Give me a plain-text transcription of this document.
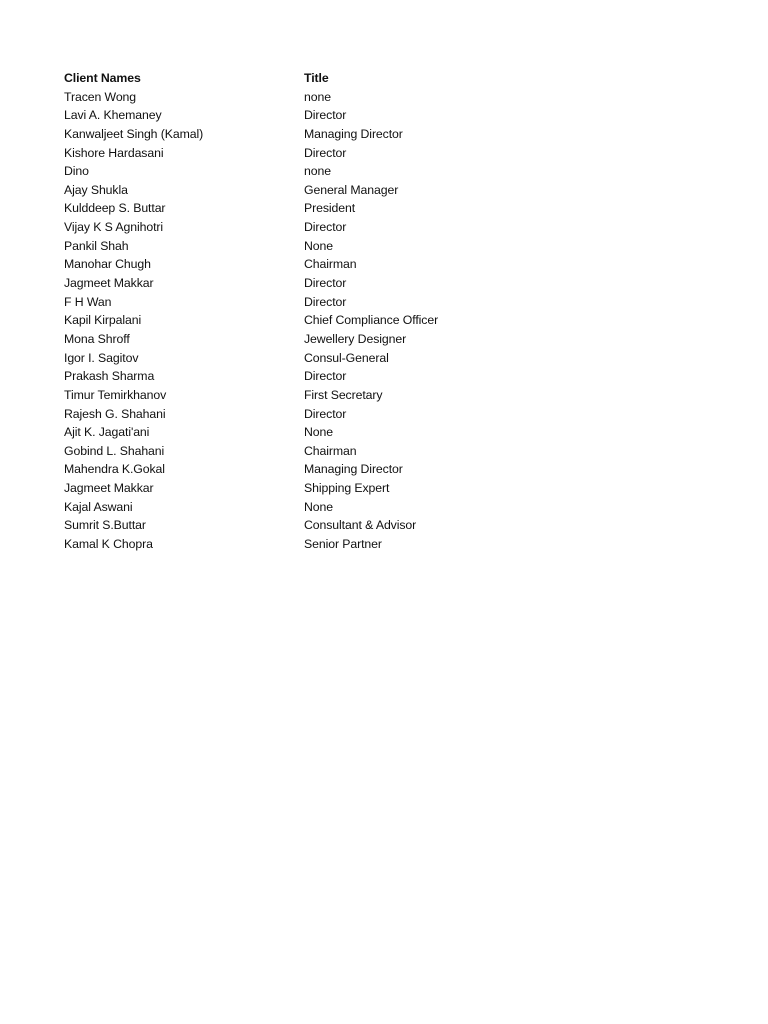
Client Names	Title
Tracen Wong	none
Lavi A. Khemaney	Director
Kanwaljeet Singh (Kamal)	Managing Director
Kishore Hardasani	Director
Dino	none
Ajay Shukla	General Manager
Kulddeep S. Buttar	President
Vijay K S Agnihotri	Director
Pankil Shah	None
Manohar Chugh	Chairman
Jagmeet Makkar	Director
F H Wan	Director
Kapil Kirpalani	Chief Compliance Officer
Mona Shroff	Jewellery Designer
Igor I. Sagitov	Consul-General
Prakash Sharma	Director
Timur Temirkhanov	First Secretary
Rajesh G. Shahani	Director
Ajit K. Jagati'ani	None
Gobind L. Shahani	Chairman
Mahendra K.Gokal	Managing Director
Jagmeet Makkar	Shipping Expert
Kajal Aswani	None
Sumrit S.Buttar	Consultant & Advisor
Kamal K Chopra	Senior Partner
